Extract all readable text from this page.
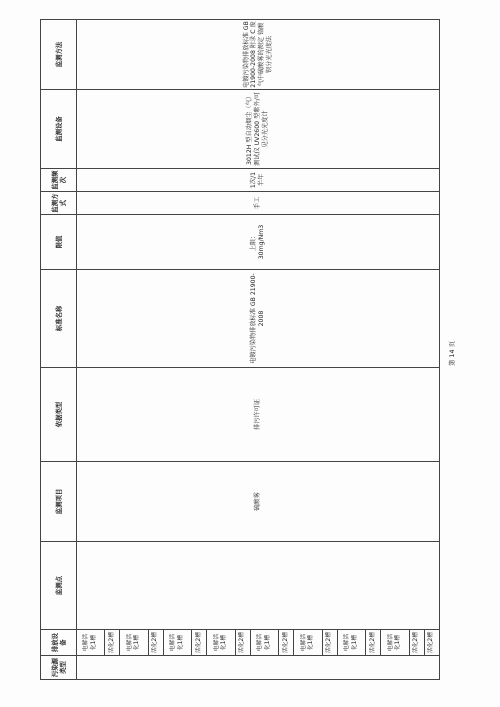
污染源类型	排放设备	监测点	监测项目	依据类型	标准名称	限值	监测方式	监测频次	监测设备	监测方法
	电解活化1槽		硫酸雾	排污许可证	电镀污染物排放标准 GB 21900-2008	上限：30mg/Nm3	手工	1次/1半年	3012H 型自动烟尘（气）测试仪 UV2600 型紫外/可见分光光度计	电镀污染物排放标准 GB 21900-2008 附录 C 废气中硫酸雾的测定 铬酸钡分光光度法
	活化2槽									
	电解活化1槽									
	活化2槽									
	电解活化1槽									
	活化2槽									
	电解活化1槽									
	活化2槽									
	电解活化1槽									
	活化2槽									
	电解活化1槽									
	活化2槽									
	电解活化1槽									
	活化2槽									
	电解活化1槽									
	活化2槽									
	活化2槽									
第 14 页
